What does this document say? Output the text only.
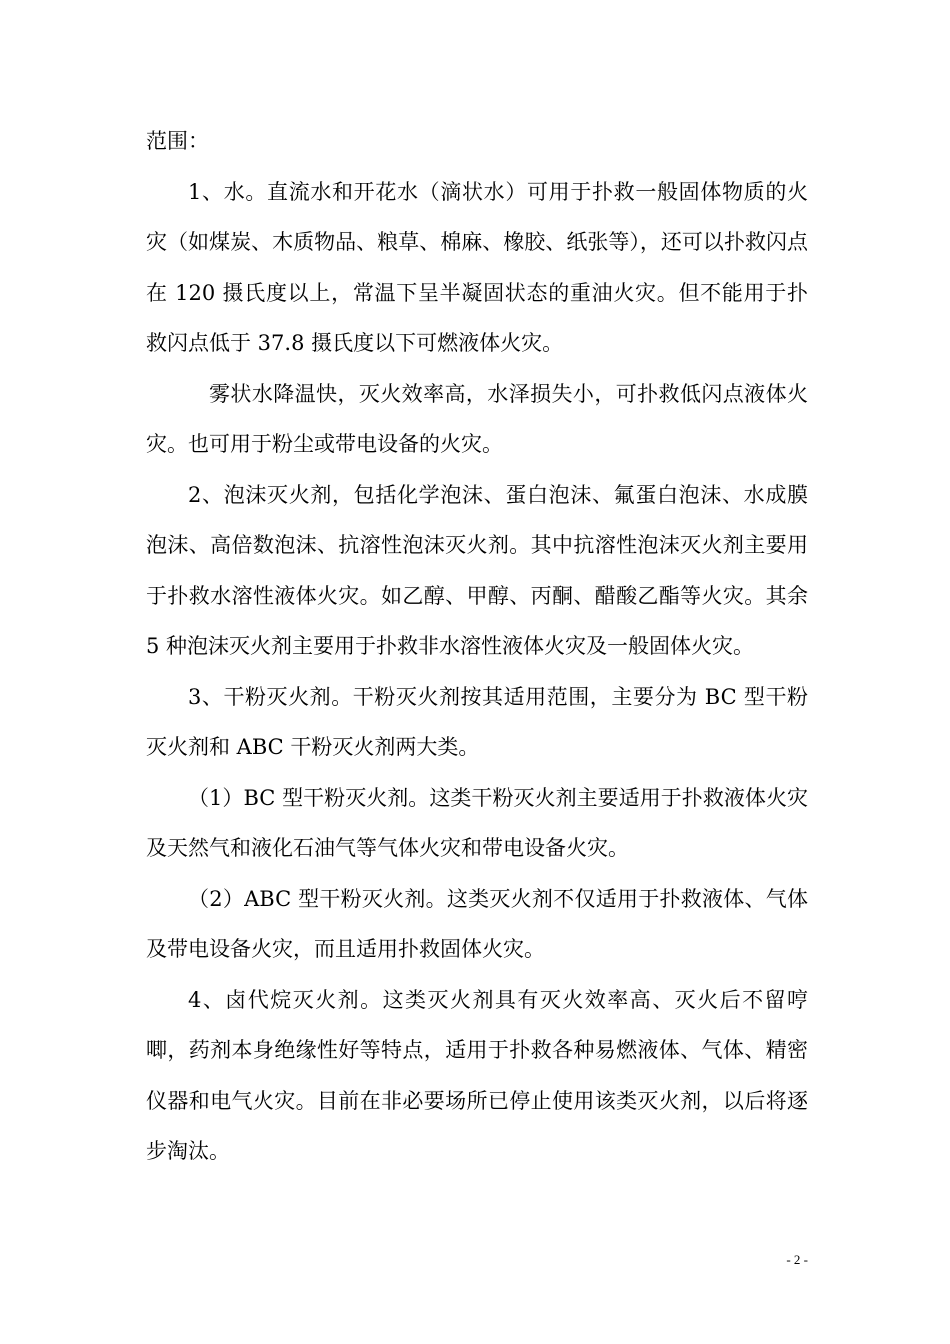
范围：

1、水。直流水和开花水（滴状水）可用于扑救一般固体物质的火灾（如煤炭、木质物品、粮草、棉麻、橡胶、纸张等），还可以扑救闪点在 120 摄氏度以上，常温下呈半凝固状态的重油火灾。但不能用于扑救闪点低于 37.8 摄氏度以下可燃液体火灾。

雾状水降温快，灭火效率高，水泽损失小，可扑救低闪点液体火灾。也可用于粉尘或带电设备的火灾。

2、泡沫灭火剂，包括化学泡沫、蛋白泡沫、氟蛋白泡沫、水成膜泡沫、高倍数泡沫、抗溶性泡沫灭火剂。其中抗溶性泡沫灭火剂主要用于扑救水溶性液体火灾。如乙醇、甲醇、丙酮、醋酸乙酯等火灾。其余 5 种泡沫灭火剂主要用于扑救非水溶性液体火灾及一般固体火灾。

3、干粉灭火剂。干粉灭火剂按其适用范围，主要分为 BC 型干粉灭火剂和 ABC 干粉灭火剂两大类。

（1）BC 型干粉灭火剂。这类干粉灭火剂主要适用于扑救液体火灾及天然气和液化石油气等气体火灾和带电设备火灾。

（2）ABC 型干粉灭火剂。这类灭火剂不仅适用于扑救液体、气体及带电设备火灾，而且适用扑救固体火灾。

4、卤代烷灭火剂。这类灭火剂具有灭火效率高、灭火后不留哼唧，药剂本身绝缘性好等特点，适用于扑救各种易燃液体、气体、精密仪器和电气火灾。目前在非必要场所已停止使用该类灭火剂，以后将逐步淘汰。

- 2 -
